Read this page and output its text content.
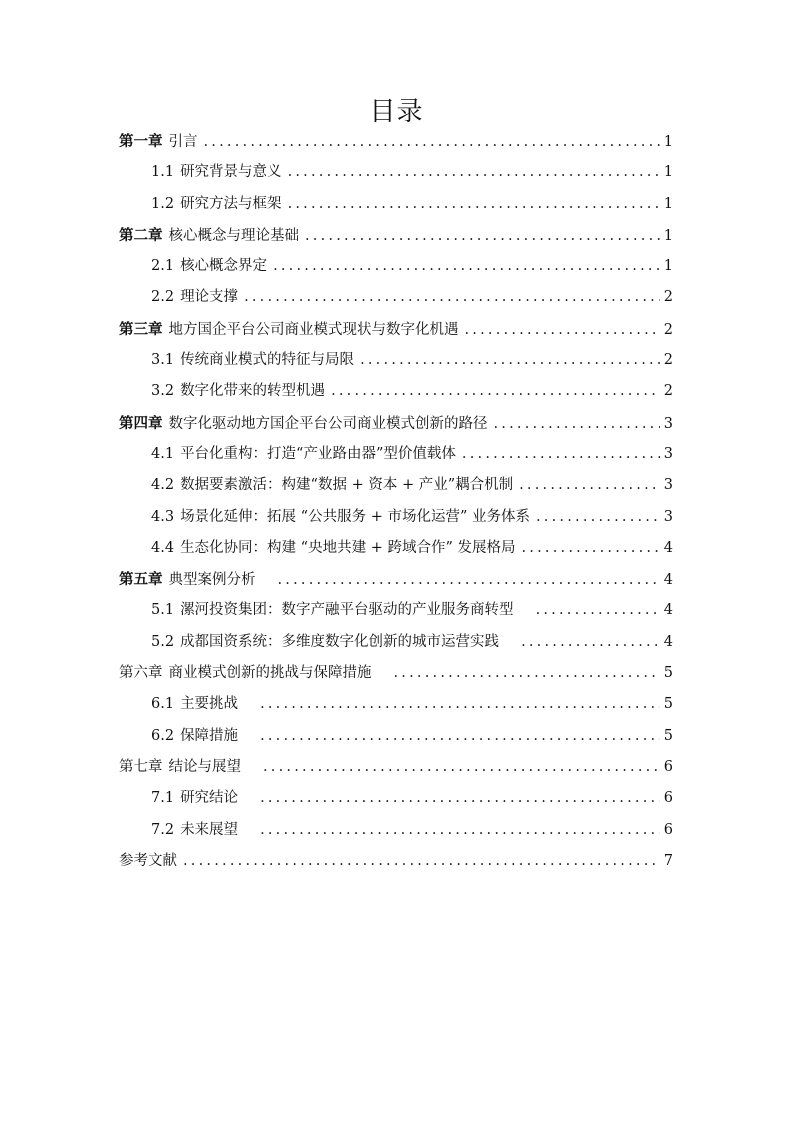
目录
第一章 引言 .....	1
1.1 研究背景与意义 .....	1
1.2 研究方法与框架 .....	1
第二章 核心概念与理论基础 .....	1
2.1 核心概念界定 .....	1
2.2 理论支撑 .....	2
第三章 地方国企平台公司商业模式现状与数字化机遇 .....	2
3.1 传统商业模式的特征与局限 .....	2
3.2 数字化带来的转型机遇 .....	2
第四章 数字化驱动地方国企平台公司商业模式创新的路径 .....	3
4.1 平台化重构：打造“产业路由器”型价值载体 .....	3
4.2 数据要素激活：构建“数据 + 资本 + 产业”耦合机制 .....	3
4.3 场景化延伸：拓展 “公共服务 + 市场化运营” 业务体系 .....	3
4.4 生态化协同：构建 “央地共建 + 跨域合作” 发展格局 .....	4
第五章 典型案例分析 .....	4
5.1 漯河投资集团：数字产融平台驱动的产业服务商转型 .....	4
5.2 成都国资系统：多维度数字化创新的城市运营实践 .....	4
第六章 商业模式创新的挑战与保障措施 .....	5
6.1 主要挑战 .....	5
6.2 保障措施 .....	5
第七章 结论与展望 .....	6
7.1 研究结论 .....	6
7.2 未来展望 .....	6
参考文献 .....	7
